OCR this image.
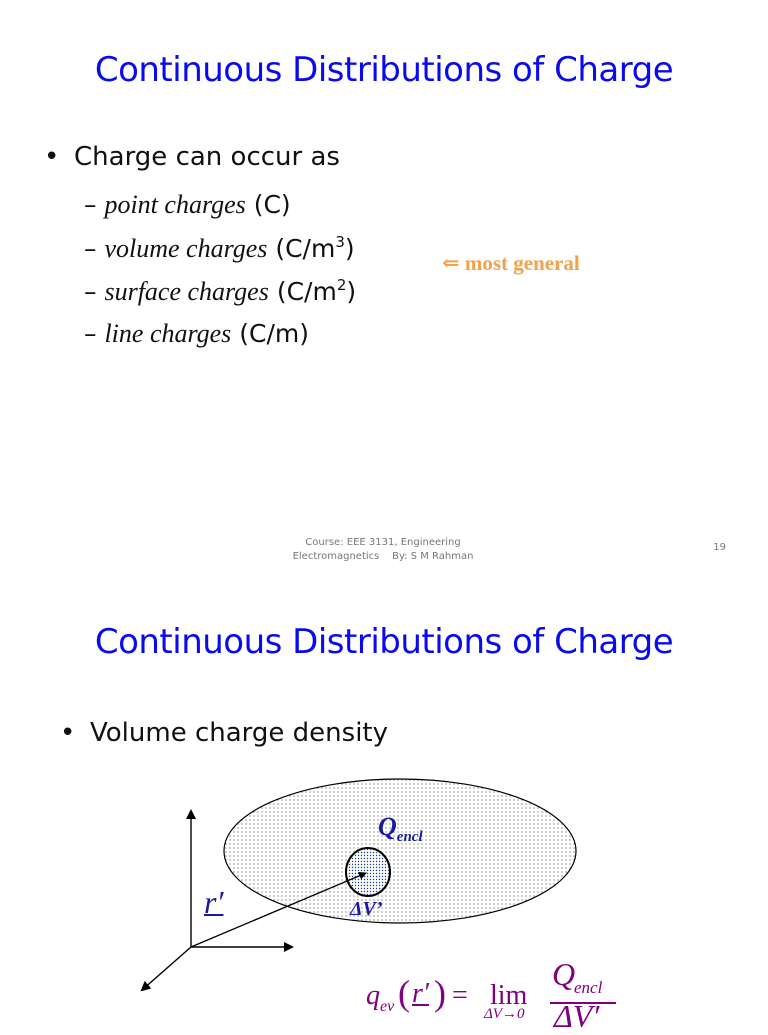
Continuous Distributions of Charge
• Charge can occur as
– point charges (C)
– volume charges $(C/m^3)$
– surface charges $(C/m^2)$
– line charges (C/m)
⇐ most general
Course: EEE 3131, Engineering
Electromagnetics    By: S M Rahman
19
Continuous Distributions of Charge
• Volume charge density
$Q_{encl}$
ΔV’
r′
q ev ( r′ ) = lim
ΔV→0
Q
encl
ΔV′
